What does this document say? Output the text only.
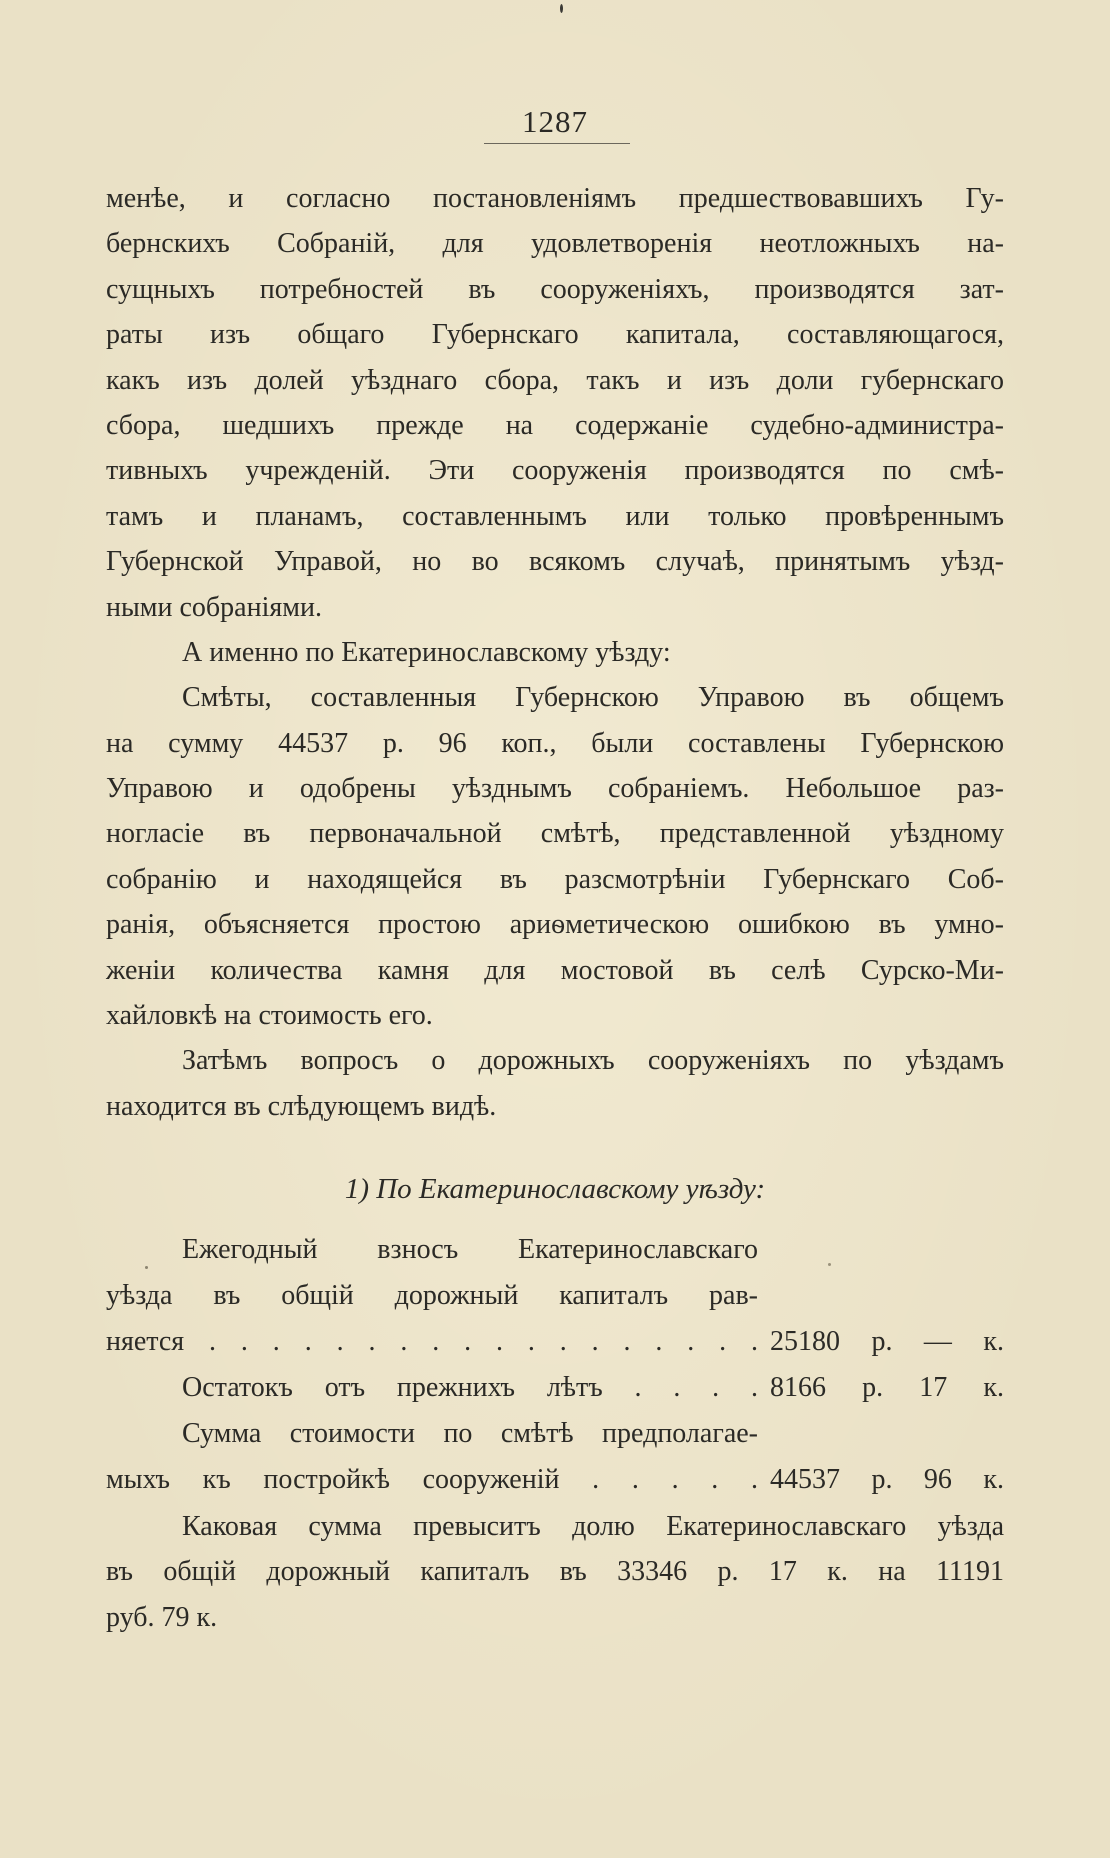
1287
менѣе, и согласно постановленіямъ предшествовавшихъ Гу-
бернскихъ Собраній, для удовлетворенія неотложныхъ на-
сущныхъ потребностей въ сооруженіяхъ, производятся зат-
раты изъ общаго Губернскаго капитала, составляющагося,
какъ изъ долей уѣзднаго сбора, такъ и изъ доли губернскаго
сбора, шедшихъ прежде на содержаніе судебно-администра-
тивныхъ учрежденій. Эти сооруженія производятся по смѣ-
тамъ и планамъ, составленнымъ или только провѣреннымъ
Губернской Управой, но во всякомъ случаѣ, принятымъ уѣзд-
ными собраніями.
А именно по Екатеринославскому уѣзду:
Смѣты, составленныя Губернскою Управою въ общемъ
на сумму 44537 р. 96 коп., были составлены Губернскою
Управою и одобрены уѣзднымъ собраніемъ. Небольшое раз-
ногласіе въ первоначальной смѣтѣ, представленной уѣздному
собранію и находящейся въ разсмотрѣніи Губернскаго Соб-
ранія, объясняется простою ариѳметическою ошибкою въ умно-
женіи количества камня для мостовой въ селѣ Сурско-Ми-
хайловкѣ на стоимость его.
Затѣмъ вопросъ о дорожныхъ сооруженіяхъ по уѣздамъ
находится въ слѣдующемъ видѣ.
1) По Екатеринославскому уѣзду:
Ежегодный взносъ Екатеринославскаго
уѣзда въ общій дорожный капиталъ рав-
няется . . . . . . . . . . . . . . . . . . 25180 р. — к.
Остатокъ отъ прежнихъ лѣтъ . . . . 8166 р. 17 к.
Сумма стоимости по смѣтѣ предполагае-
мыхъ къ постройкѣ сооруженій . . . . . 44537 р. 96 к.
Каковая сумма превыситъ долю Екатеринославскаго уѣзда
въ общій дорожный капиталъ въ 33346 р. 17 к. на 11191
руб. 79 к.
